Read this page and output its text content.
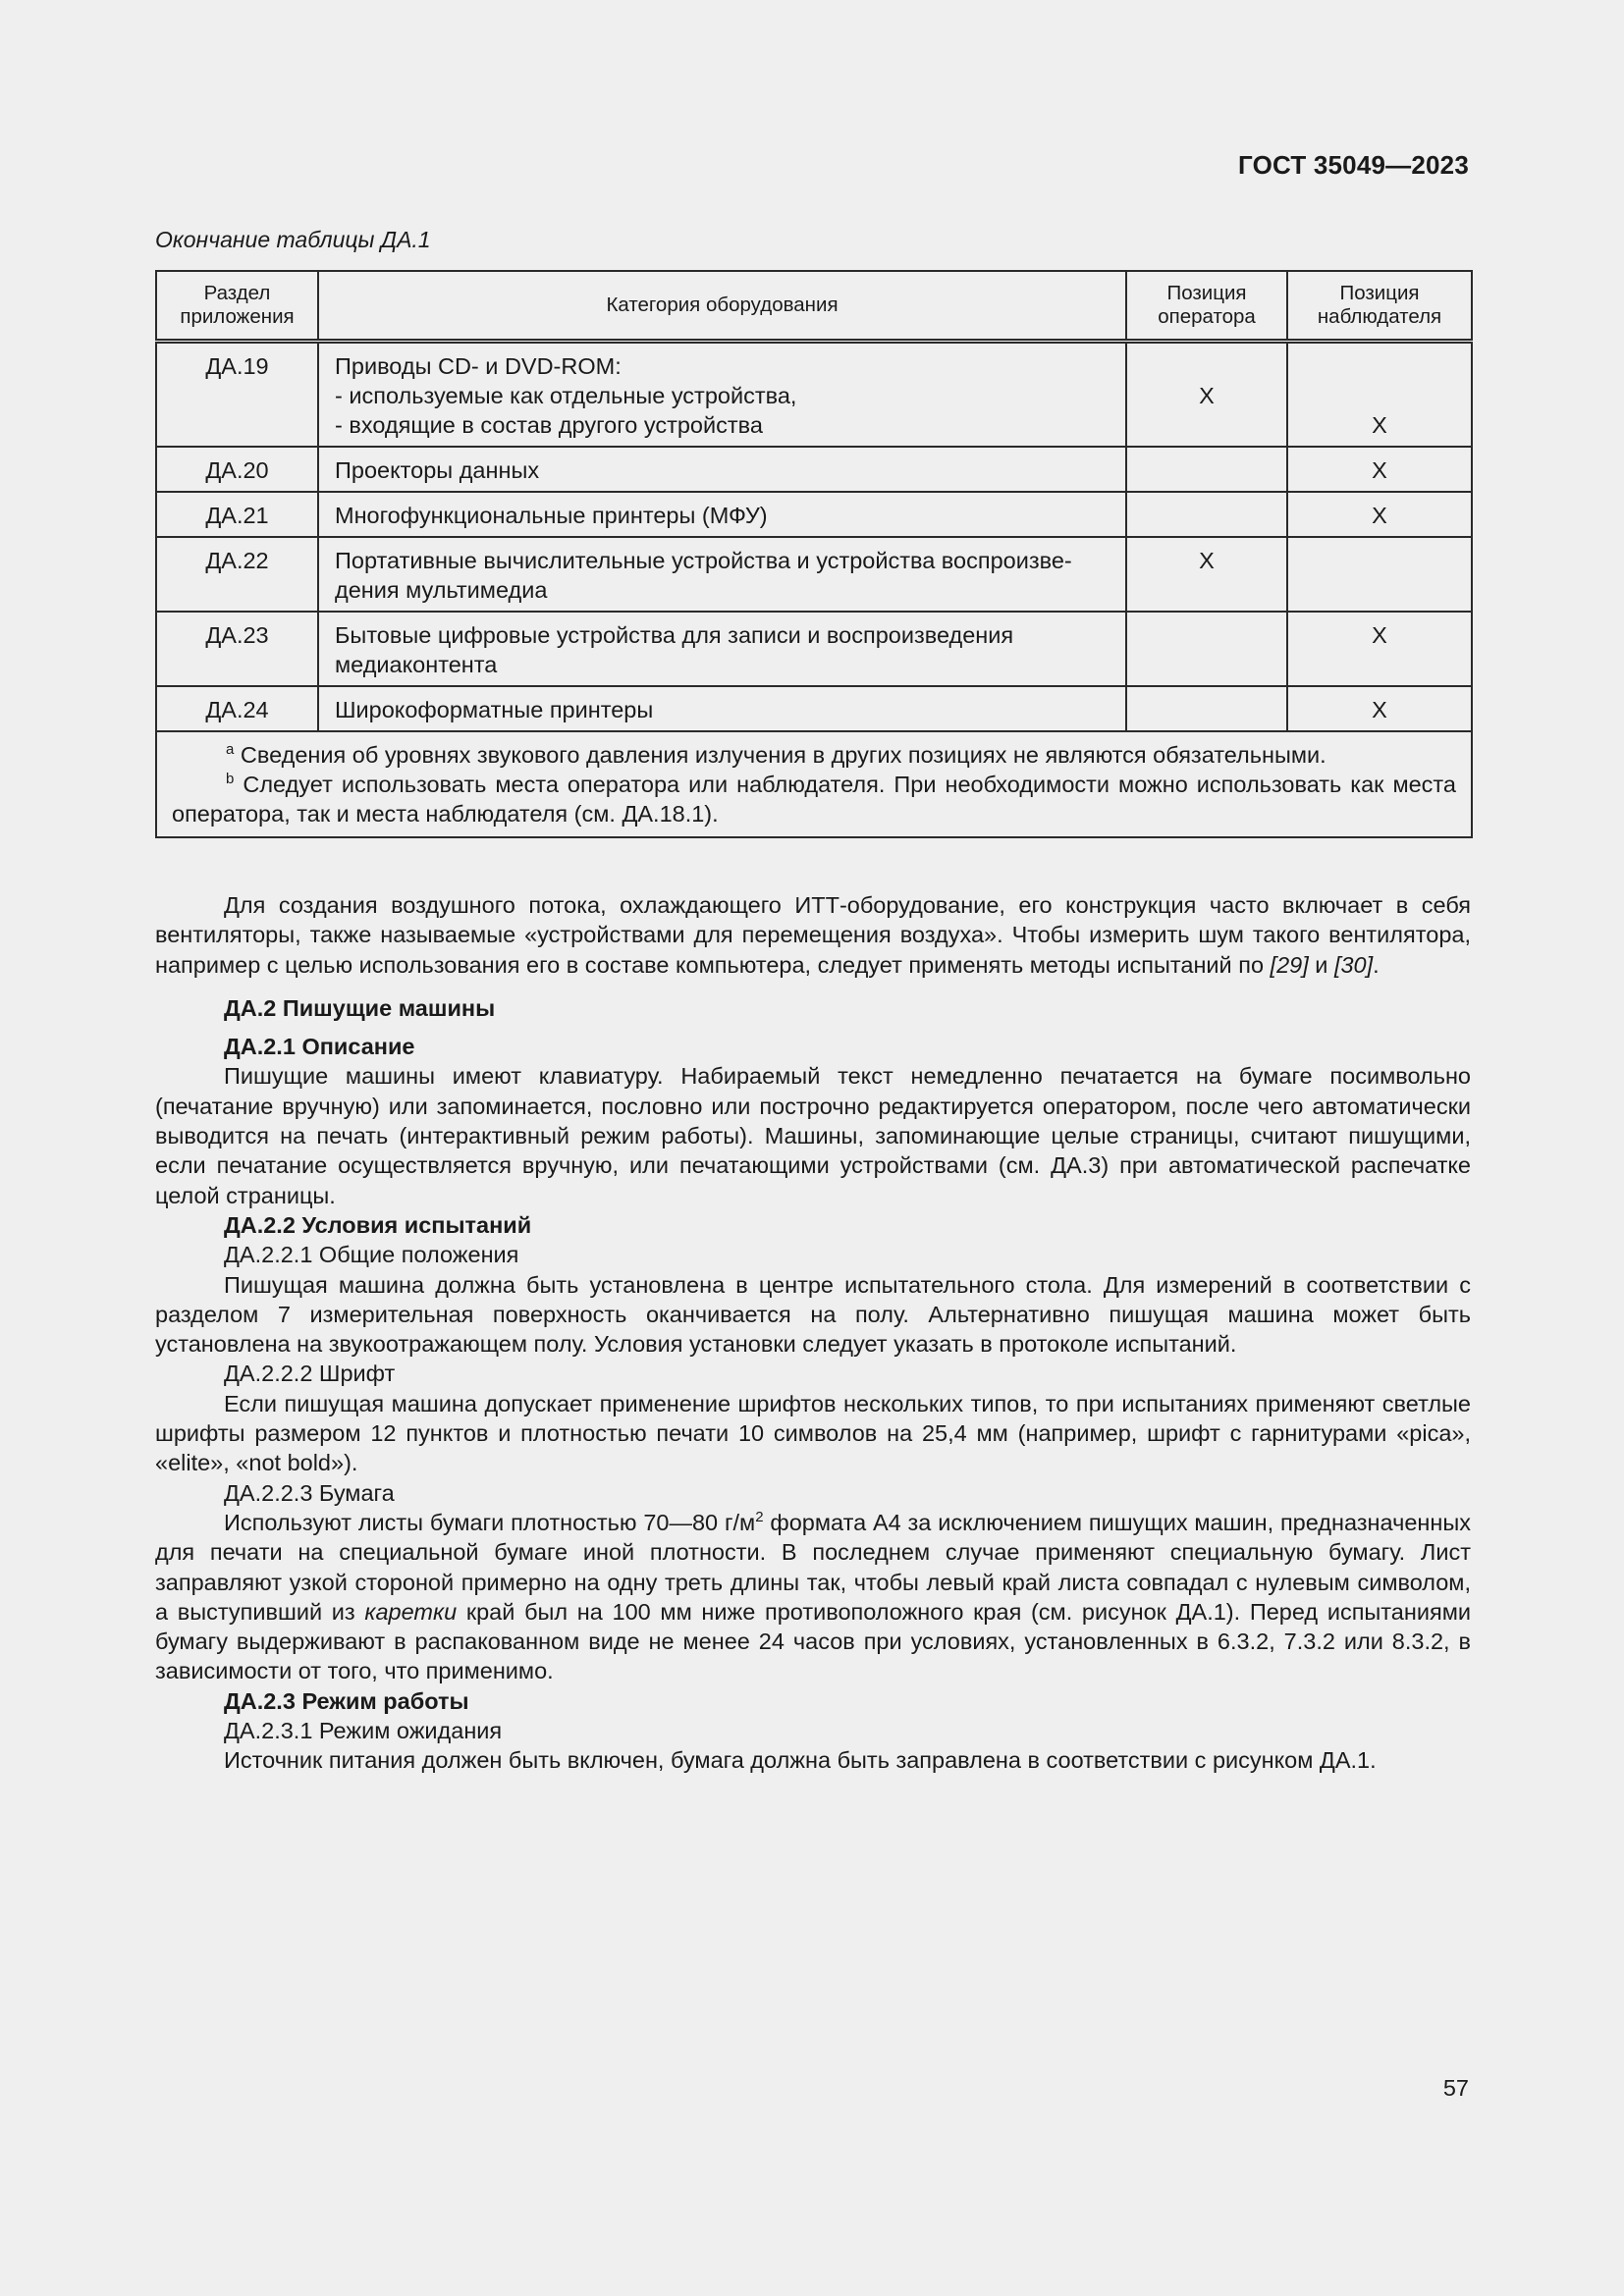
ГОСТ 35049—2023
Окончание таблицы ДА.1
Раздел приложения	Категория оборудования	Позиция оператора	Позиция наблюдателя
ДА.19	Приводы CD- и DVD-ROM:
- используемые как отдельные устройства,
- входящие в состав другого устройства	X	X

ДА.20	Проекторы данных		X

ДА.21	Многофункциональные принтеры (МФУ)		X

ДА.22	Портативные вычислительные устройства и устройства воспроизве-
дения мультимедиа	X	

ДА.23	Бытовые цифровые устройства для записи и воспроизведения
медиаконтента		X

ДА.24	Широкоформатные принтеры		X

$^a$ Сведения об уровнях звукового давления излучения в других позициях не являются обязательными.
$^b$ Следует использовать места оператора или наблюдателя. При необходимости можно использовать как места оператора, так и места наблюдателя (см. ДА.18.1).			

Для создания воздушного потока, охлаждающего ИТТ-оборудование, его конструкция часто включает в себя вентиляторы, также называемые «устройствами для перемещения воздуха». Чтобы измерить шум такого вентилятора, например с целью использования его в составе компьютера, следует применять методы испытаний по [29] и [30].

ДА.2 Пишущие машины

ДА.2.1 Описание

Пишущие машины имеют клавиатуру. Набираемый текст немедленно печатается на бумаге посимвольно (печатание вручную) или запоминается, пословно или построчно редактируется оператором, после чего автоматически выводится на печать (интерактивный режим работы). Машины, запоминающие целые страницы, считают пишущими, если печатание осуществляется вручную, или печатающими устройствами (см. ДА.3) при автоматической распечатке целой страницы.

ДА.2.2 Условия испытаний

ДА.2.2.1 Общие положения

Пишущая машина должна быть установлена в центре испытательного стола. Для измерений в соответствии с разделом 7 измерительная поверхность оканчивается на полу. Альтернативно пишущая машина может быть установлена на звукоотражающем полу. Условия установки следует указать в протоколе испытаний.

ДА.2.2.2 Шрифт

Если пишущая машина допускает применение шрифтов нескольких типов, то при испытаниях применяют светлые шрифты размером 12 пунктов и плотностью печати 10 символов на 25,4 мм (например, шрифт с гарнитурами «pica», «elite», «not bold»).

ДА.2.2.3 Бумага

Используют листы бумаги плотностью 70—80 $г/м^2$ формата А4 за исключением пишущих машин, предназначенных для печати на специальной бумаге иной плотности. В последнем случае применяют специальную бумагу. Лист заправляют узкой стороной примерно на одну треть длины так, чтобы левый край листа совпадал с нулевым символом, а выступивший из каретки край был на 100 мм ниже противоположного края (см. рисунок ДА.1). Перед испытаниями бумагу выдерживают в распакованном виде не менее 24 часов при условиях, установленных в 6.3.2, 7.3.2 или 8.3.2, в зависимости от того, что применимо.

ДА.2.3 Режим работы

ДА.2.3.1 Режим ожидания

Источник питания должен быть включен, бумага должна быть заправлена в соответствии с рисунком ДА.1.

57
